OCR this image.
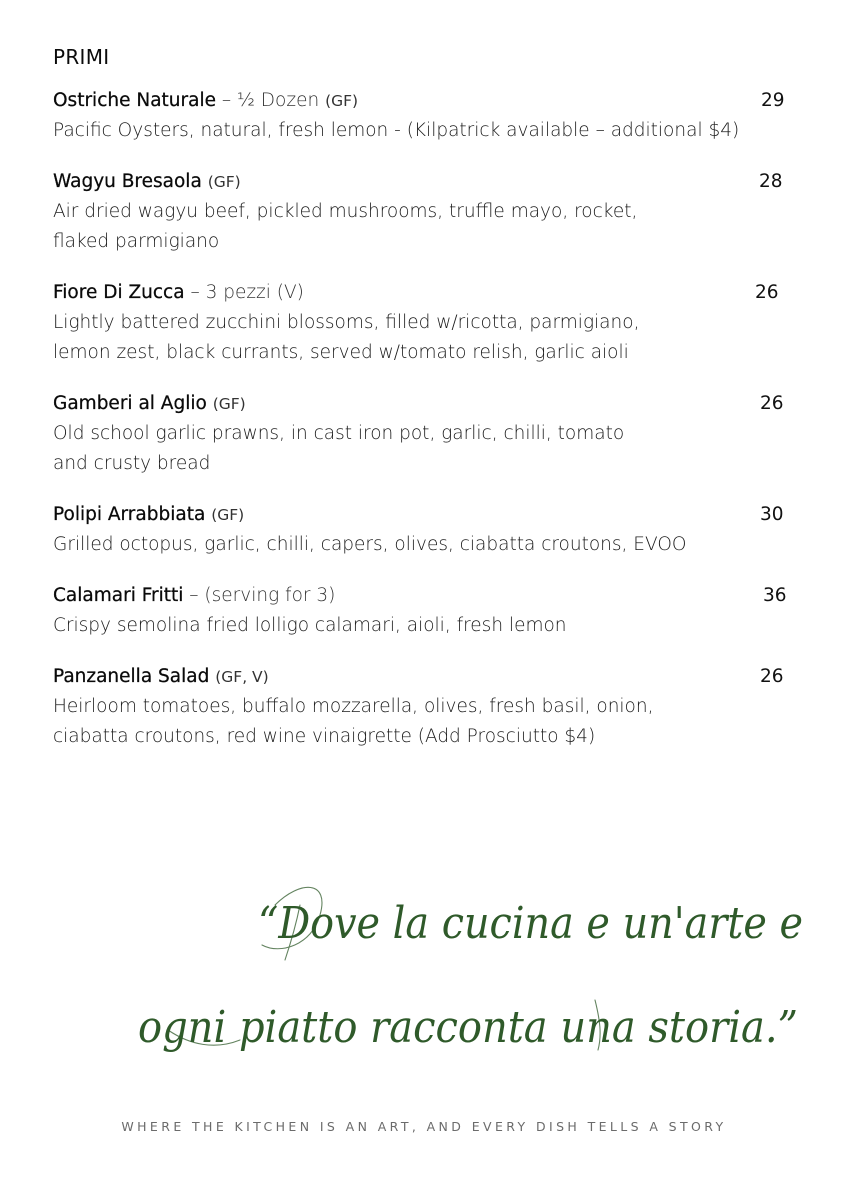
PRIMI
Ostriche Naturale – ½ Dozen (GF)	29
Pacific Oysters, natural, fresh lemon - (Kilpatrick available – additional $4)
Wagyu Bresaola (GF)	28
Air dried wagyu beef, pickled mushrooms, truffle mayo, rocket,
flaked parmigiano
Fiore Di Zucca – 3 pezzi (V)	26
Lightly battered zucchini blossoms, filled w/ricotta, parmigiano,
lemon zest, black currants, served w/tomato relish, garlic aioli
Gamberi al Aglio (GF)	26
Old school garlic prawns, in cast iron pot, garlic, chilli, tomato
and crusty bread
Polipi Arrabbiata (GF)	30
Grilled octopus, garlic, chilli, capers, olives, ciabatta croutons, EVOO
Calamari Fritti – (serving for 3)	36
Crispy semolina fried lolligo calamari, aioli, fresh lemon
Panzanella Salad (GF, V)	26
Heirloom tomatoes, buffalo mozzarella, olives, fresh basil, onion,
ciabatta croutons, red wine vinaigrette (Add Prosciutto $4)
“Dove la cucina e un'arte e
ogni piatto racconta una storia.”
WHERE THE KITCHEN IS AN ART, AND EVERY DISH TELLS A STORY
